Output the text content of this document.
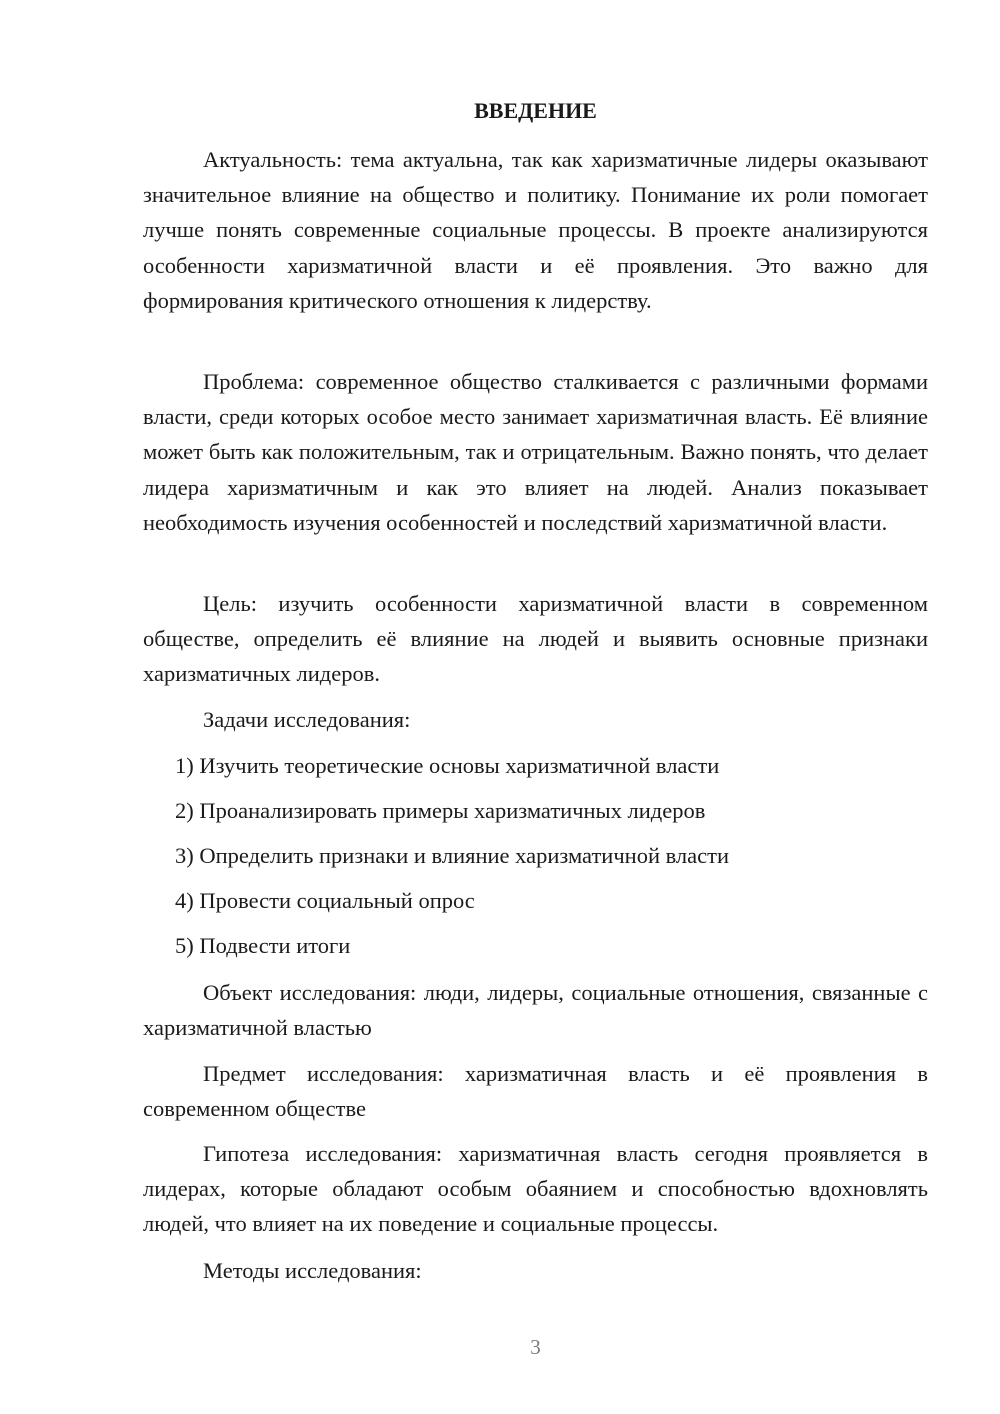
ВВЕДЕНИЕ

Актуальность: тема актуальна, так как харизматичные лидеры оказывают значительное влияние на общество и политику. Понимание их роли помогает лучше понять современные социальные процессы. В проекте анализируются особенности харизматичной власти и её проявления. Это важно для формирования критического отношения к лидерству.

Проблема: современное общество сталкивается с различными формами власти, среди которых особое место занимает харизматичная власть. Её влияние может быть как положительным, так и отрицательным. Важно понять, что делает лидера харизматичным и как это влияет на людей. Анализ показывает необходимость изучения особенностей и последствий харизматичной власти.

Цель: изучить особенности харизматичной власти в современном обществе, определить её влияние на людей и выявить основные признаки харизматичных лидеров.

Задачи исследования:

1) Изучить теоретические основы харизматичной власти

2) Проанализировать примеры харизматичных лидеров

3) Определить признаки и влияние харизматичной власти

4) Провести социальный опрос

5) Подвести итоги

Объект исследования: люди, лидеры, социальные отношения, связанные с харизматичной властью

Предмет исследования: харизматичная власть и её проявления в современном обществе

Гипотеза исследования: харизматичная власть сегодня проявляется в лидерах, которые обладают особым обаянием и способностью вдохновлять людей, что влияет на их поведение и социальные процессы.

Методы исследования:

3
